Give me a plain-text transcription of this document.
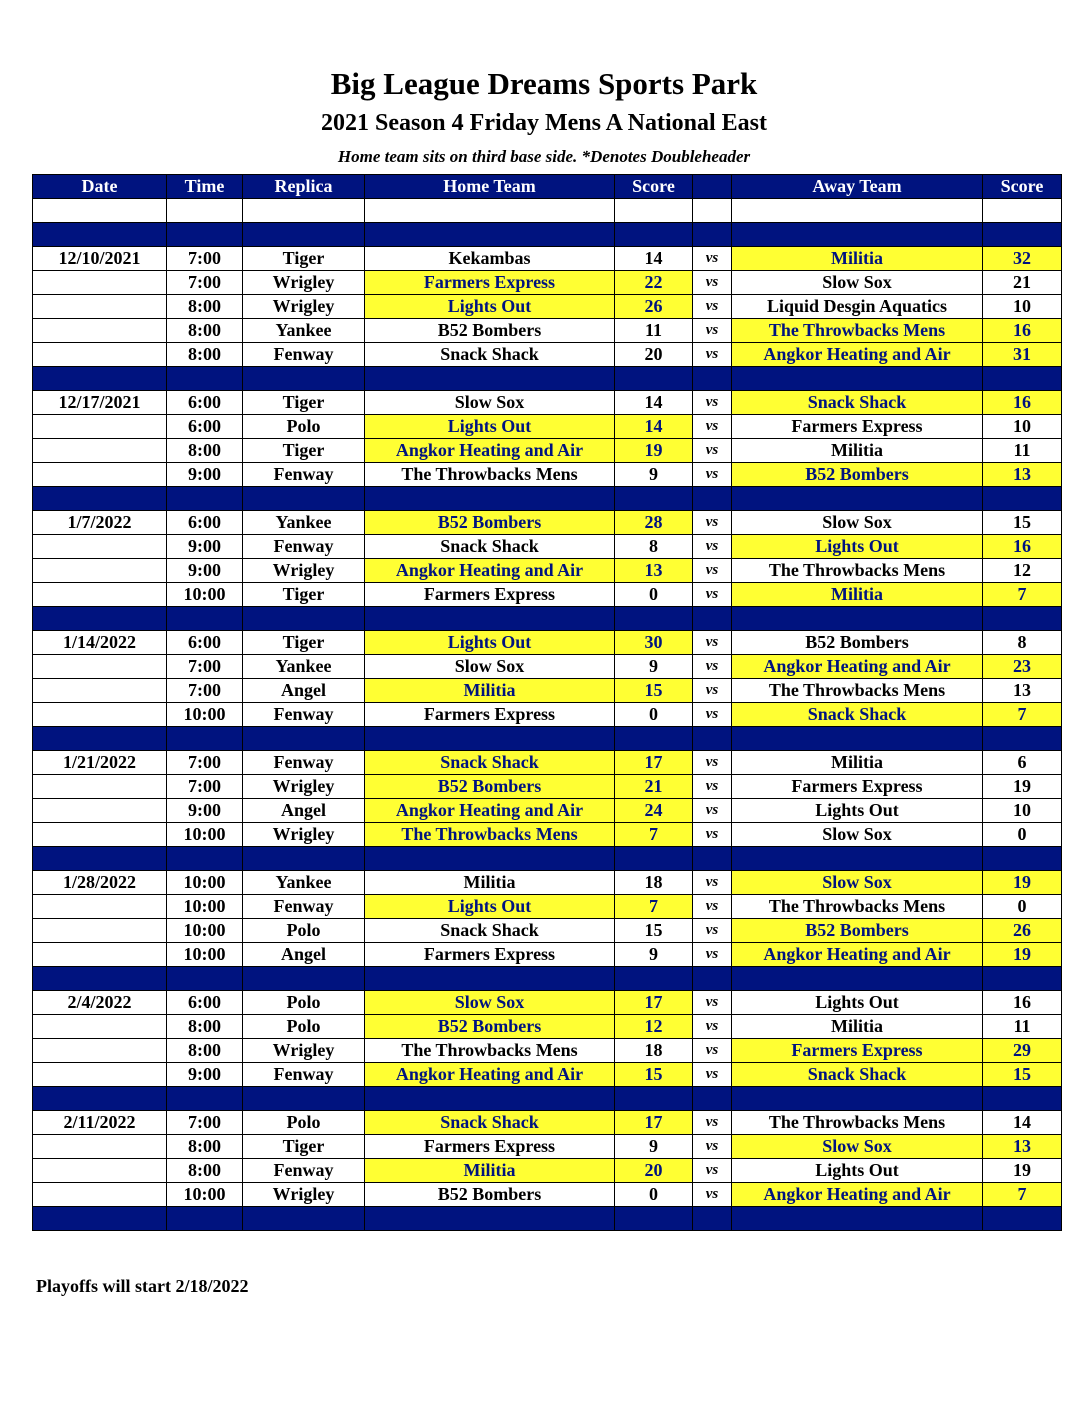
Big League Dreams Sports Park
2021 Season 4 Friday Mens A National East
Home team sits on third base side. *Denotes Doubleheader
Date	Time	Replica	Home Team	Score		Away Team	Score

12/10/2021	7:00	Tiger	Kekambas	14	vs	Militia	32
	7:00	Wrigley	Farmers Express	22	vs	Slow Sox	21
	8:00	Wrigley	Lights Out	26	vs	Liquid Desgin Aquatics	10
	8:00	Yankee	B52 Bombers	11	vs	The Throwbacks Mens	16
	8:00	Fenway	Snack Shack	20	vs	Angkor Heating and Air	31

12/17/2021	6:00	Tiger	Slow Sox	14	vs	Snack Shack	16
	6:00	Polo	Lights Out	14	vs	Farmers Express	10
	8:00	Tiger	Angkor Heating and Air	19	vs	Militia	11
	9:00	Fenway	The Throwbacks Mens	9	vs	B52 Bombers	13

1/7/2022	6:00	Yankee	B52 Bombers	28	vs	Slow Sox	15
	9:00	Fenway	Snack Shack	8	vs	Lights Out	16
	9:00	Wrigley	Angkor Heating and Air	13	vs	The Throwbacks Mens	12
	10:00	Tiger	Farmers Express	0	vs	Militia	7

1/14/2022	6:00	Tiger	Lights Out	30	vs	B52 Bombers	8
	7:00	Yankee	Slow Sox	9	vs	Angkor Heating and Air	23
	7:00	Angel	Militia	15	vs	The Throwbacks Mens	13
	10:00	Fenway	Farmers Express	0	vs	Snack Shack	7

1/21/2022	7:00	Fenway	Snack Shack	17	vs	Militia	6
	7:00	Wrigley	B52 Bombers	21	vs	Farmers Express	19
	9:00	Angel	Angkor Heating and Air	24	vs	Lights Out	10
	10:00	Wrigley	The Throwbacks Mens	7	vs	Slow Sox	0

1/28/2022	10:00	Yankee	Militia	18	vs	Slow Sox	19
	10:00	Fenway	Lights Out	7	vs	The Throwbacks Mens	0
	10:00	Polo	Snack Shack	15	vs	B52 Bombers	26
	10:00	Angel	Farmers Express	9	vs	Angkor Heating and Air	19

2/4/2022	6:00	Polo	Slow Sox	17	vs	Lights Out	16
	8:00	Polo	B52 Bombers	12	vs	Militia	11
	8:00	Wrigley	The Throwbacks Mens	18	vs	Farmers Express	29
	9:00	Fenway	Angkor Heating and Air	15	vs	Snack Shack	15

2/11/2022	7:00	Polo	Snack Shack	17	vs	The Throwbacks Mens	14
	8:00	Tiger	Farmers Express	9	vs	Slow Sox	13
	8:00	Fenway	Militia	20	vs	Lights Out	19
	10:00	Wrigley	B52 Bombers	0	vs	Angkor Heating and Air	7

Playoffs will start 2/18/2022
